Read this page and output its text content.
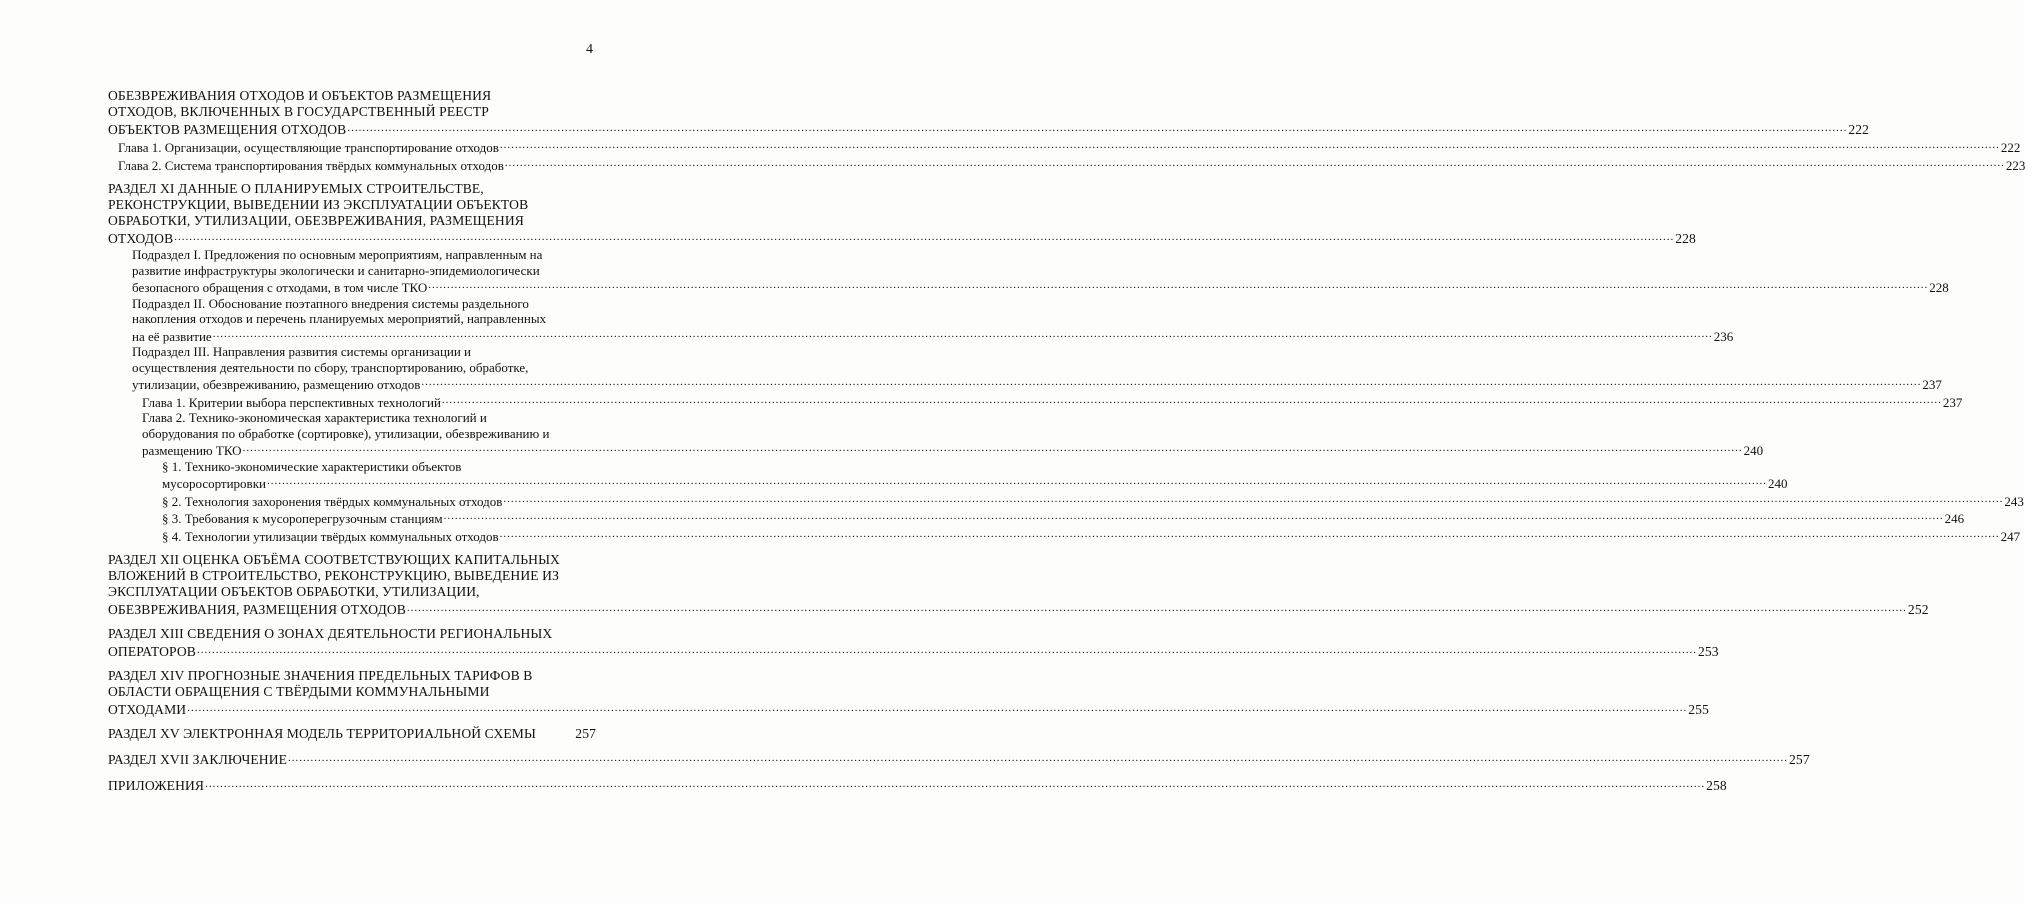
4
ОБЕЗВРЕЖИВАНИЯ ОТХОДОВ И ОБЪЕКТОВ РАЗМЕЩЕНИЯ
ОТХОДОВ, ВКЛЮЧЕННЫХ В ГОСУДАРСТВЕННЫЙ РЕЕСТР
ОБЪЕКТОВ РАЗМЕЩЕНИЯ ОТХОДОВ ................................................................................................................................................................................................................................................................................................................................................................................................................ 222
Глава 1. Организации, осуществляющие транспортирование отходов ................................................................................................................................................................................................................................................................................................................................................................................................................ 222
Глава 2. Система транспортирования твёрдых коммунальных отходов ................................................................................................................................................................................................................................................................................................................................................................................................................ 223
РАЗДЕЛ XI ДАННЫЕ О ПЛАНИРУЕМЫХ СТРОИТЕЛЬСТВЕ,
РЕКОНСТРУКЦИИ, ВЫВЕДЕНИИ ИЗ ЭКСПЛУАТАЦИИ ОБЪЕКТОВ
ОБРАБОТКИ, УТИЛИЗАЦИИ, ОБЕЗВРЕЖИВАНИЯ, РАЗМЕЩЕНИЯ
ОТХОДОВ ................................................................................................................................................................................................................................................................................................................................................................................................................ 228
Подраздел I. Предложения по основным мероприятиям, направленным на
развитие инфраструктуры экологически и санитарно-эпидемиологически
безопасного обращения с отходами, в том числе ТКО ................................................................................................................................................................................................................................................................................................................................................................................................................ 228
Подраздел II. Обоснование поэтапного внедрения системы раздельного
накопления отходов и перечень планируемых мероприятий, направленных
на её развитие ................................................................................................................................................................................................................................................................................................................................................................................................................ 236
Подраздел III. Направления развития системы организации и
осуществления деятельности по сбору, транспортированию, обработке,
утилизации, обезвреживанию, размещению отходов ................................................................................................................................................................................................................................................................................................................................................................................................................ 237
Глава 1. Критерии выбора перспективных технологий ................................................................................................................................................................................................................................................................................................................................................................................................................ 237
Глава 2. Технико-экономическая характеристика технологий и
оборудования по обработке (сортировке), утилизации, обезвреживанию и
размещению ТКО ................................................................................................................................................................................................................................................................................................................................................................................................................ 240
§ 1. Технико-экономические характеристики объектов
мусоросортировки ................................................................................................................................................................................................................................................................................................................................................................................................................ 240
§ 2. Технология захоронения твёрдых коммунальных отходов ................................................................................................................................................................................................................................................................................................................................................................................................................ 243
§ 3. Требования к мусороперегрузочным станциям ................................................................................................................................................................................................................................................................................................................................................................................................................ 246
§ 4. Технологии утилизации твёрдых коммунальных отходов ................................................................................................................................................................................................................................................................................................................................................................................................................ 247
РАЗДЕЛ XII ОЦЕНКА ОБЪЁМА СООТВЕТСТВУЮЩИХ КАПИТАЛЬНЫХ
ВЛОЖЕНИЙ В СТРОИТЕЛЬСТВО, РЕКОНСТРУКЦИЮ, ВЫВЕДЕНИЕ ИЗ
ЭКСПЛУАТАЦИИ ОБЪЕКТОВ ОБРАБОТКИ, УТИЛИЗАЦИИ,
ОБЕЗВРЕЖИВАНИЯ, РАЗМЕЩЕНИЯ ОТХОДОВ ................................................................................................................................................................................................................................................................................................................................................................................................................ 252
РАЗДЕЛ XIII СВЕДЕНИЯ О ЗОНАХ ДЕЯТЕЛЬНОСТИ РЕГИОНАЛЬНЫХ
ОПЕРАТОРОВ ................................................................................................................................................................................................................................................................................................................................................................................................................ 253
РАЗДЕЛ XIV ПРОГНОЗНЫЕ ЗНАЧЕНИЯ ПРЕДЕЛЬНЫХ ТАРИФОВ В
ОБЛАСТИ ОБРАЩЕНИЯ С ТВЁРДЫМИ КОММУНАЛЬНЫМИ
ОТХОДАМИ ................................................................................................................................................................................................................................................................................................................................................................................................................ 255
РАЗДЕЛ XV ЭЛЕКТРОННАЯ МОДЕЛЬ ТЕРРИТОРИАЛЬНОЙ СХЕМЫ	257
РАЗДЕЛ XVII ЗАКЛЮЧЕНИЕ ................................................................................................................................................................................................................................................................................................................................................................................................................ 257
ПРИЛОЖЕНИЯ ................................................................................................................................................................................................................................................................................................................................................................................................................ 258
